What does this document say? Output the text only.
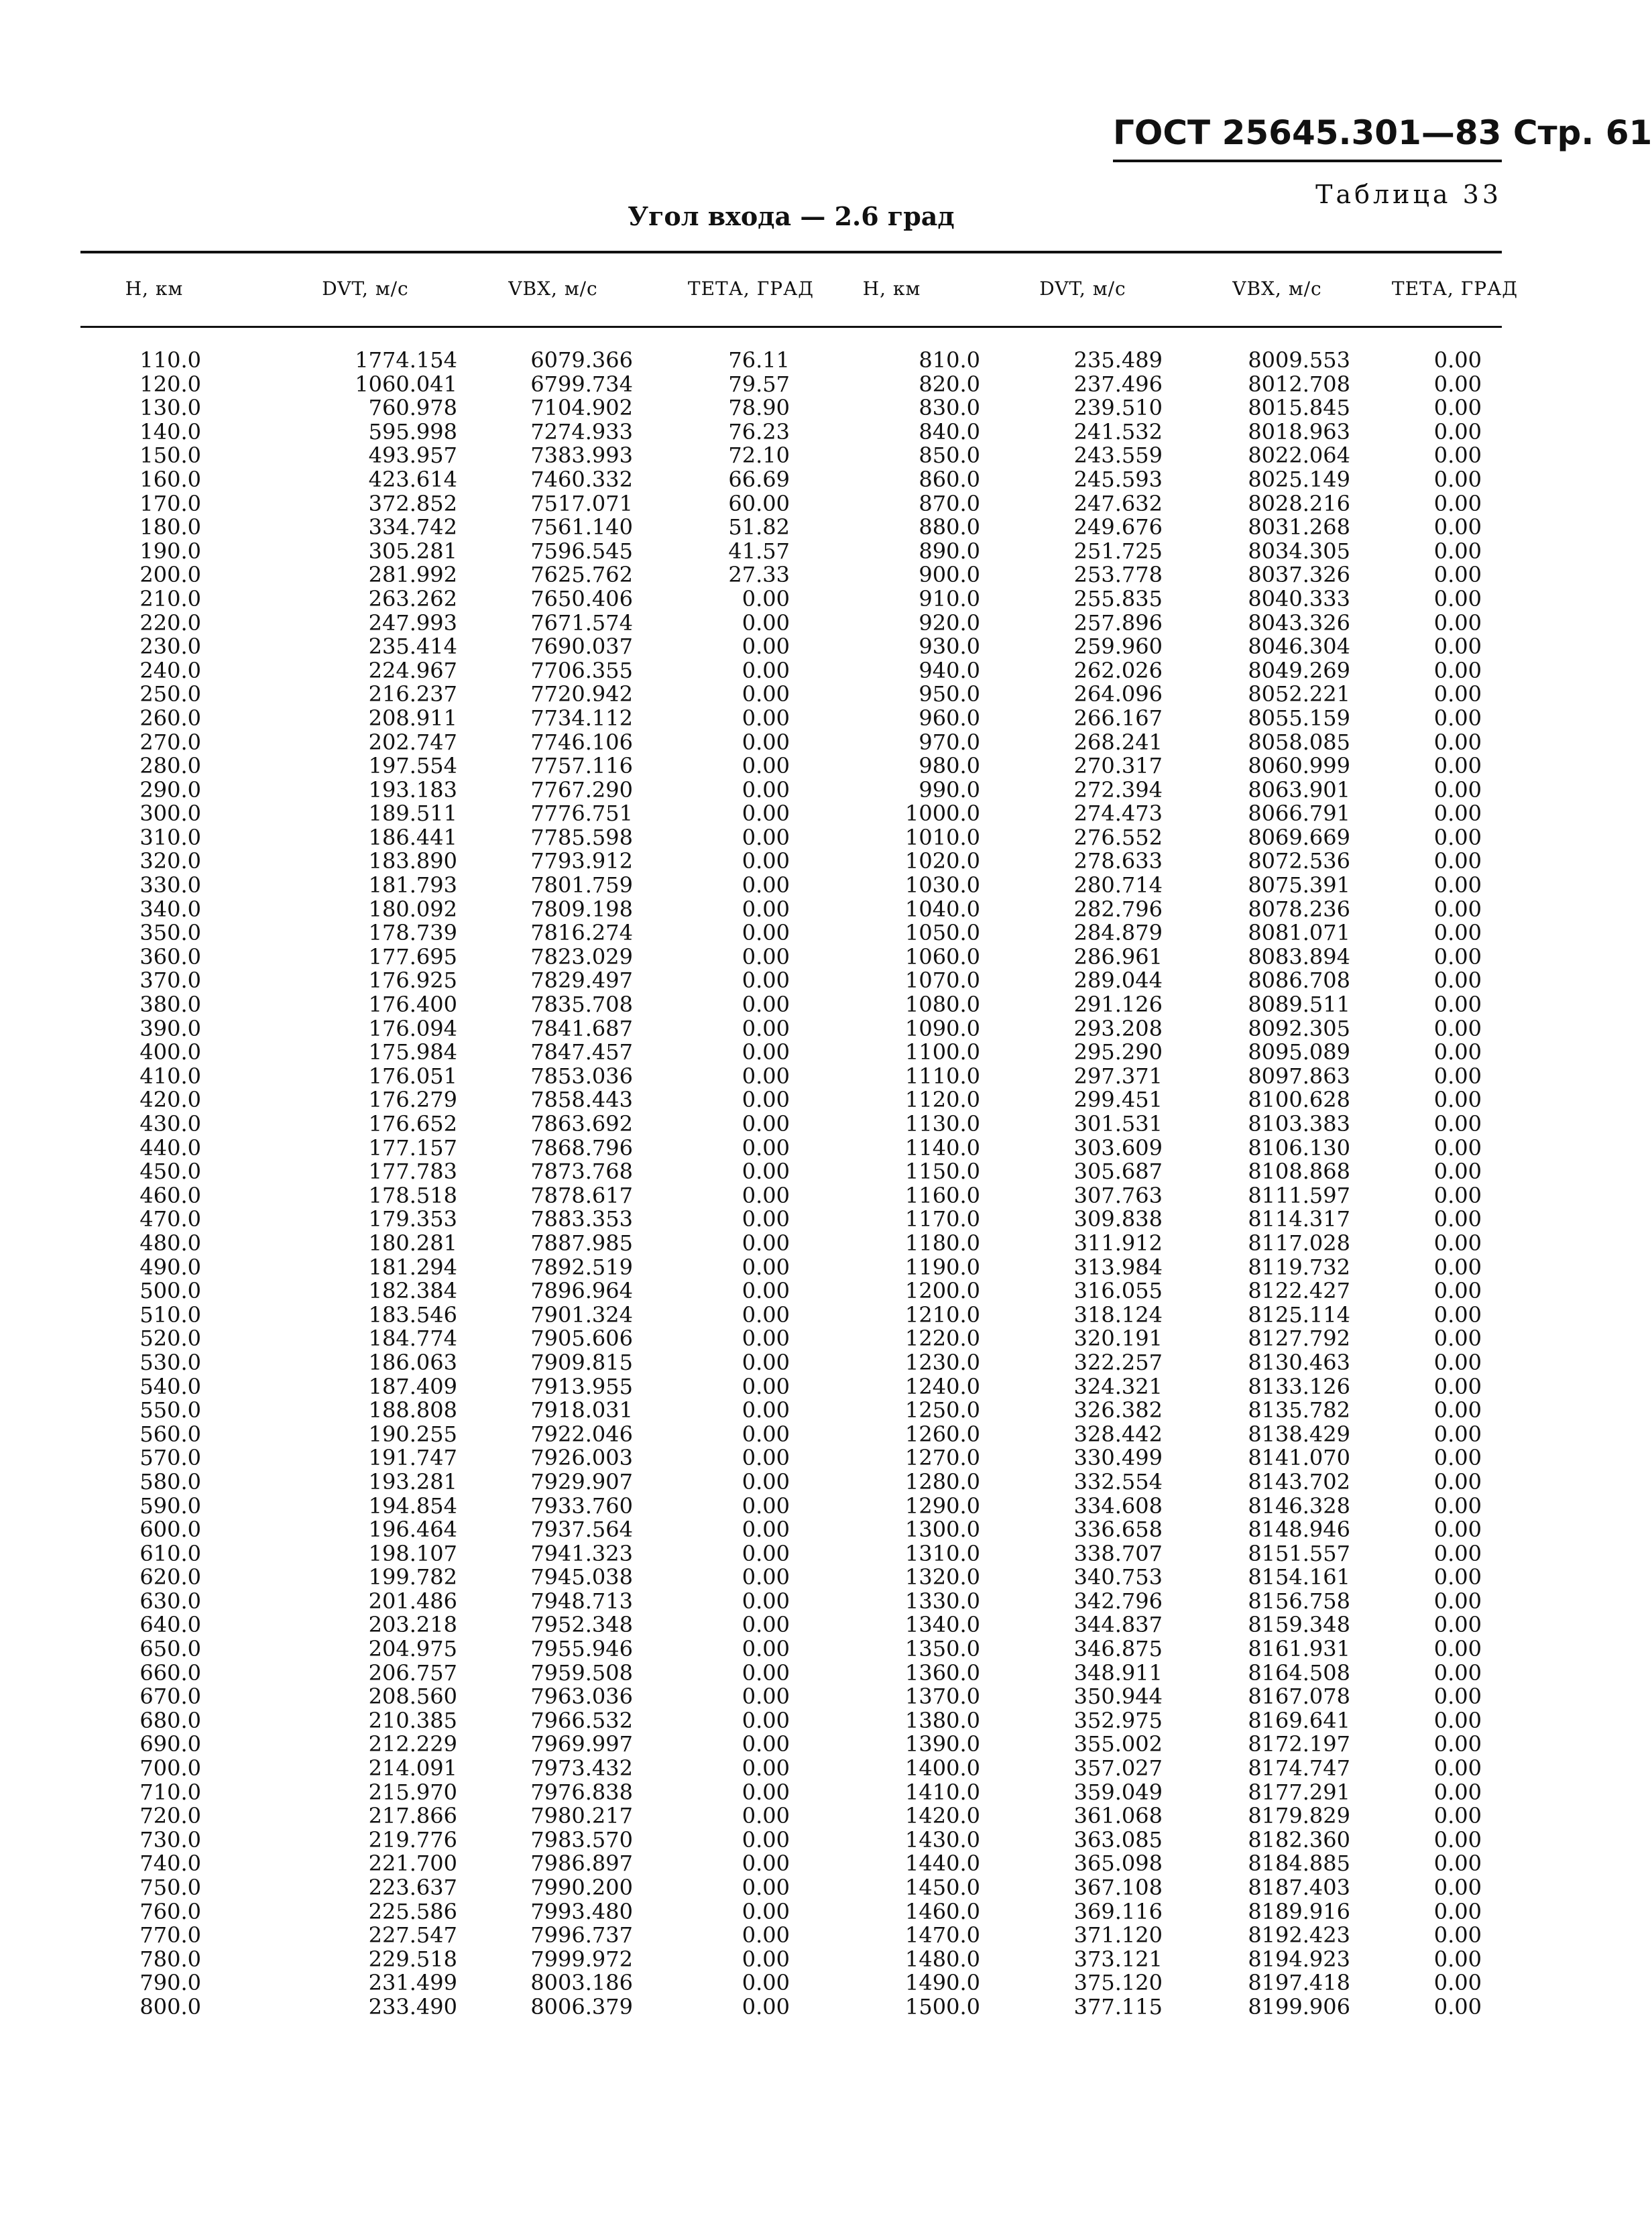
ГОСТ 25645.301—83 Стр. 61
Таблица 33
Угол входа — 2.6 град
H, км	DVT, м/с	VBX, м/с	ТЕТА, ГРАД	H, км	DVT, м/с	VBX, м/с	ТЕТА, ГРАД
110.0	1774.154	6079.366	76.11	810.0	235.489	8009.553	0.00
120.0	1060.041	6799.734	79.57	820.0	237.496	8012.708	0.00
130.0	760.978	7104.902	78.90	830.0	239.510	8015.845	0.00
140.0	595.998	7274.933	76.23	840.0	241.532	8018.963	0.00
150.0	493.957	7383.993	72.10	850.0	243.559	8022.064	0.00
160.0	423.614	7460.332	66.69	860.0	245.593	8025.149	0.00
170.0	372.852	7517.071	60.00	870.0	247.632	8028.216	0.00
180.0	334.742	7561.140	51.82	880.0	249.676	8031.268	0.00
190.0	305.281	7596.545	41.57	890.0	251.725	8034.305	0.00
200.0	281.992	7625.762	27.33	900.0	253.778	8037.326	0.00
210.0	263.262	7650.406	0.00	910.0	255.835	8040.333	0.00
220.0	247.993	7671.574	0.00	920.0	257.896	8043.326	0.00
230.0	235.414	7690.037	0.00	930.0	259.960	8046.304	0.00
240.0	224.967	7706.355	0.00	940.0	262.026	8049.269	0.00
250.0	216.237	7720.942	0.00	950.0	264.096	8052.221	0.00
260.0	208.911	7734.112	0.00	960.0	266.167	8055.159	0.00
270.0	202.747	7746.106	0.00	970.0	268.241	8058.085	0.00
280.0	197.554	7757.116	0.00	980.0	270.317	8060.999	0.00
290.0	193.183	7767.290	0.00	990.0	272.394	8063.901	0.00
300.0	189.511	7776.751	0.00	1000.0	274.473	8066.791	0.00
310.0	186.441	7785.598	0.00	1010.0	276.552	8069.669	0.00
320.0	183.890	7793.912	0.00	1020.0	278.633	8072.536	0.00
330.0	181.793	7801.759	0.00	1030.0	280.714	8075.391	0.00
340.0	180.092	7809.198	0.00	1040.0	282.796	8078.236	0.00
350.0	178.739	7816.274	0.00	1050.0	284.879	8081.071	0.00
360.0	177.695	7823.029	0.00	1060.0	286.961	8083.894	0.00
370.0	176.925	7829.497	0.00	1070.0	289.044	8086.708	0.00
380.0	176.400	7835.708	0.00	1080.0	291.126	8089.511	0.00
390.0	176.094	7841.687	0.00	1090.0	293.208	8092.305	0.00
400.0	175.984	7847.457	0.00	1100.0	295.290	8095.089	0.00
410.0	176.051	7853.036	0.00	1110.0	297.371	8097.863	0.00
420.0	176.279	7858.443	0.00	1120.0	299.451	8100.628	0.00
430.0	176.652	7863.692	0.00	1130.0	301.531	8103.383	0.00
440.0	177.157	7868.796	0.00	1140.0	303.609	8106.130	0.00
450.0	177.783	7873.768	0.00	1150.0	305.687	8108.868	0.00
460.0	178.518	7878.617	0.00	1160.0	307.763	8111.597	0.00
470.0	179.353	7883.353	0.00	1170.0	309.838	8114.317	0.00
480.0	180.281	7887.985	0.00	1180.0	311.912	8117.028	0.00
490.0	181.294	7892.519	0.00	1190.0	313.984	8119.732	0.00
500.0	182.384	7896.964	0.00	1200.0	316.055	8122.427	0.00
510.0	183.546	7901.324	0.00	1210.0	318.124	8125.114	0.00
520.0	184.774	7905.606	0.00	1220.0	320.191	8127.792	0.00
530.0	186.063	7909.815	0.00	1230.0	322.257	8130.463	0.00
540.0	187.409	7913.955	0.00	1240.0	324.321	8133.126	0.00
550.0	188.808	7918.031	0.00	1250.0	326.382	8135.782	0.00
560.0	190.255	7922.046	0.00	1260.0	328.442	8138.429	0.00
570.0	191.747	7926.003	0.00	1270.0	330.499	8141.070	0.00
580.0	193.281	7929.907	0.00	1280.0	332.554	8143.702	0.00
590.0	194.854	7933.760	0.00	1290.0	334.608	8146.328	0.00
600.0	196.464	7937.564	0.00	1300.0	336.658	8148.946	0.00
610.0	198.107	7941.323	0.00	1310.0	338.707	8151.557	0.00
620.0	199.782	7945.038	0.00	1320.0	340.753	8154.161	0.00
630.0	201.486	7948.713	0.00	1330.0	342.796	8156.758	0.00
640.0	203.218	7952.348	0.00	1340.0	344.837	8159.348	0.00
650.0	204.975	7955.946	0.00	1350.0	346.875	8161.931	0.00
660.0	206.757	7959.508	0.00	1360.0	348.911	8164.508	0.00
670.0	208.560	7963.036	0.00	1370.0	350.944	8167.078	0.00
680.0	210.385	7966.532	0.00	1380.0	352.975	8169.641	0.00
690.0	212.229	7969.997	0.00	1390.0	355.002	8172.197	0.00
700.0	214.091	7973.432	0.00	1400.0	357.027	8174.747	0.00
710.0	215.970	7976.838	0.00	1410.0	359.049	8177.291	0.00
720.0	217.866	7980.217	0.00	1420.0	361.068	8179.829	0.00
730.0	219.776	7983.570	0.00	1430.0	363.085	8182.360	0.00
740.0	221.700	7986.897	0.00	1440.0	365.098	8184.885	0.00
750.0	223.637	7990.200	0.00	1450.0	367.108	8187.403	0.00
760.0	225.586	7993.480	0.00	1460.0	369.116	8189.916	0.00
770.0	227.547	7996.737	0.00	1470.0	371.120	8192.423	0.00
780.0	229.518	7999.972	0.00	1480.0	373.121	8194.923	0.00
790.0	231.499	8003.186	0.00	1490.0	375.120	8197.418	0.00
800.0	233.490	8006.379	0.00	1500.0	377.115	8199.906	0.00
